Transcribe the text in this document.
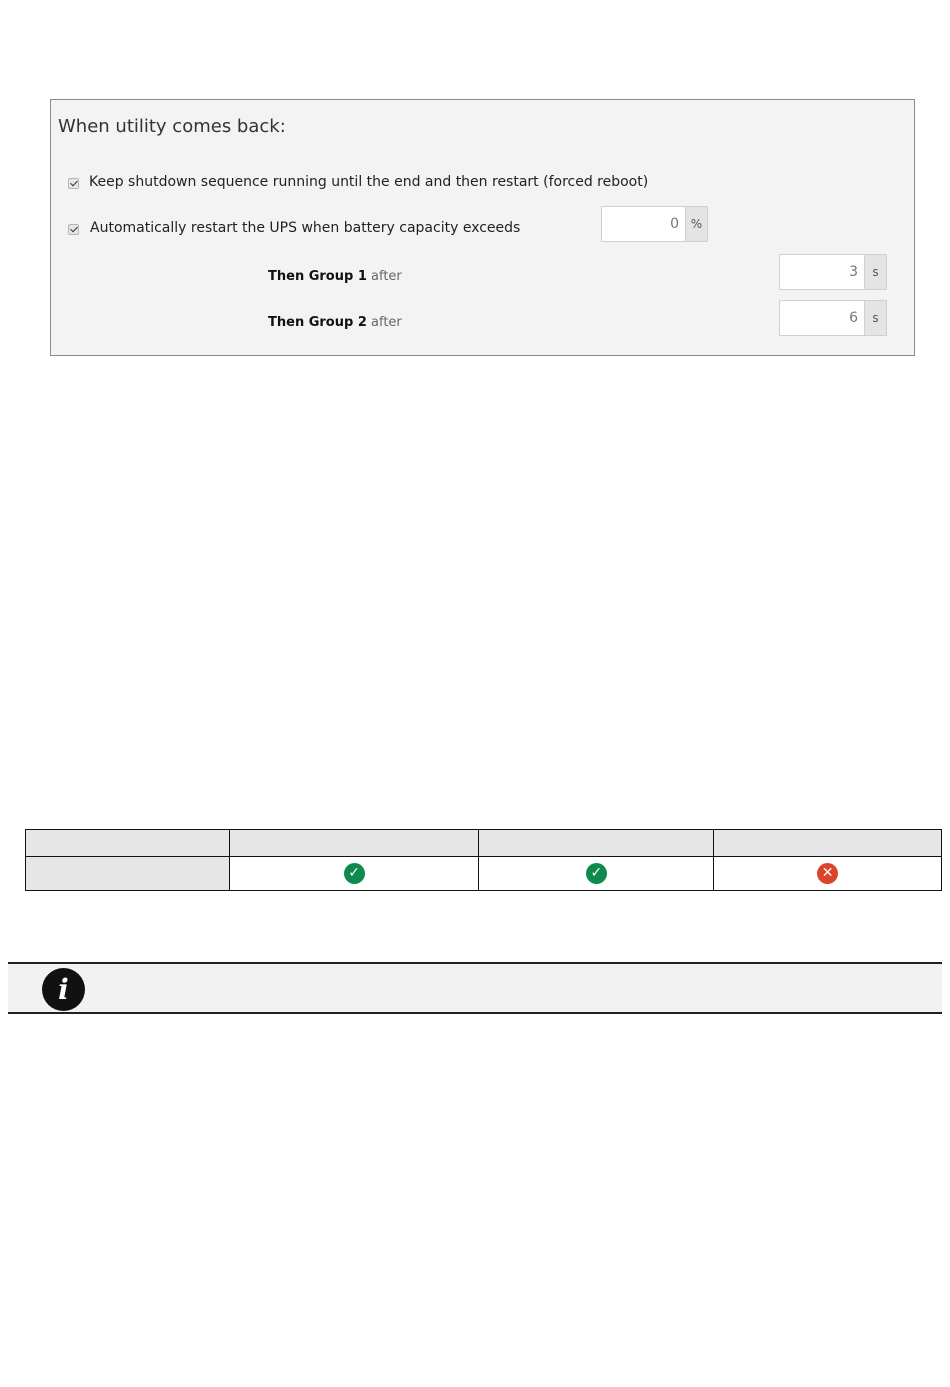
When utility comes back:
Keep shutdown sequence running until the end and then restart (forced reboot)
Automatically restart the UPS when battery capacity exceeds	0 %
Then Group 1 after	3	s
Then Group 2 after	6	s

	✓	✓	✕
i
